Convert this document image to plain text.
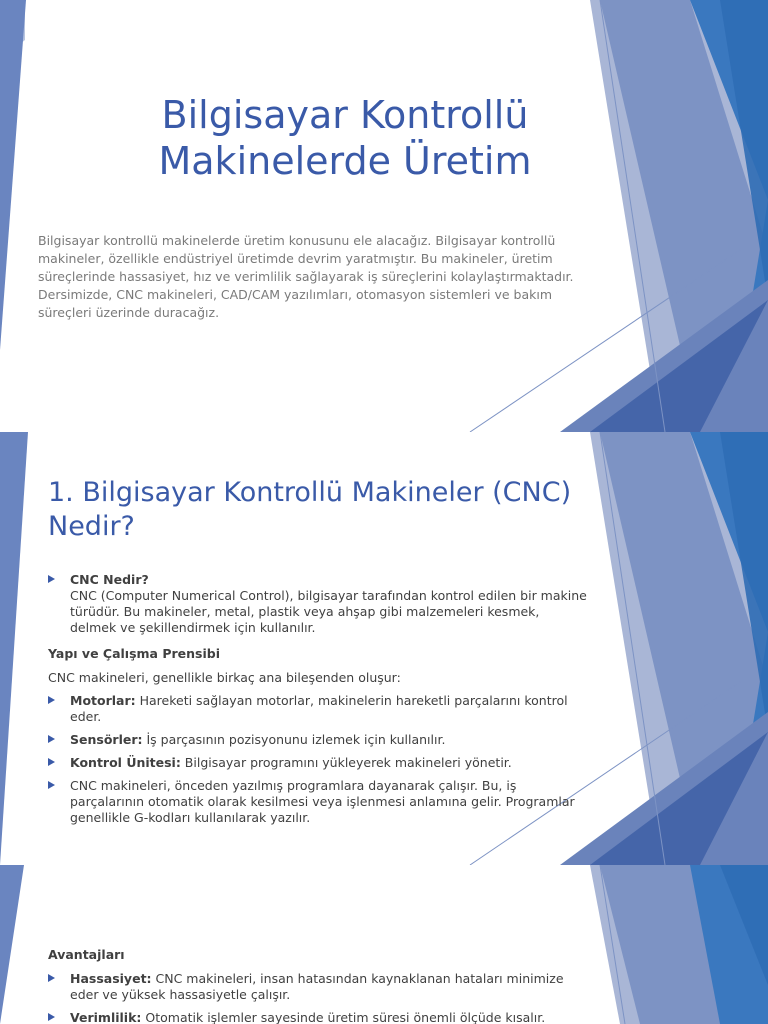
Bilgisayar Kontrollü
Makinelerde Üretim
Bilgisayar kontrollü makinelerde üretim konusunu ele alacağız. Bilgisayar kontrollü makineler, özellikle endüstriyel üretimde devrim yaratmıştır. Bu makineler, üretim süreçlerinde hassasiyet, hız ve verimlilik sağlayarak iş süreçlerini kolaylaştırmaktadır. Dersimizde, CNC makineleri, CAD/CAM yazılımları, otomasyon sistemleri ve bakım süreçleri üzerinde duracağız.
1. Bilgisayar Kontrollü Makineler (CNC) Nedir?
CNC Nedir?
CNC (Computer Numerical Control), bilgisayar tarafından kontrol edilen bir makine türüdür. Bu makineler, metal, plastik veya ahşap gibi malzemeleri kesmek, delmek ve şekillendirmek için kullanılır.
Yapı ve Çalışma Prensibi
CNC makineleri, genellikle birkaç ana bileşenden oluşur:
Motorlar: Hareketi sağlayan motorlar, makinelerin hareketli parçalarını kontrol eder.
Sensörler: İş parçasının pozisyonunu izlemek için kullanılır.
Kontrol Ünitesi: Bilgisayar programını yükleyerek makineleri yönetir.
CNC makineleri, önceden yazılmış programlara dayanarak çalışır. Bu, iş parçalarının otomatik olarak kesilmesi veya işlenmesi anlamına gelir. Programlar genellikle G-kodları kullanılarak yazılır.
Avantajları
Hassasiyet: CNC makineleri, insan hatasından kaynaklanan hataları minimize eder ve yüksek hassasiyetle çalışır.
Verimlilik: Otomatik işlemler sayesinde üretim süresi önemli ölçüde kısalır.
